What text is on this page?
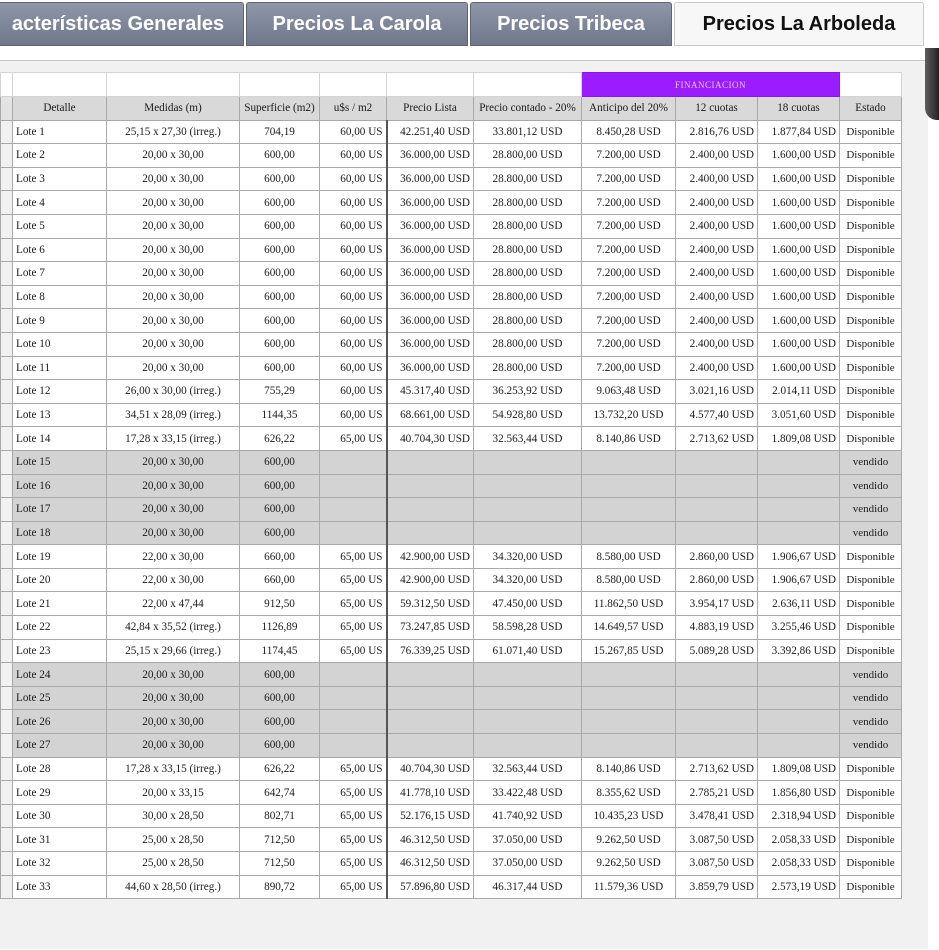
acterísticas Generales Precios La Carola	Precios Tribeca	Precios La Arboleda
							FINANCIACION			
	Detalle	Medidas (m)	Superficie (m2)	u$s / m2	Precio Lista	Precio contado - 20%	Anticipo del 20%	12 cuotas	18 cuotas	Estado
	Lote 1	25,15 x 27,30 (irreg.)	704,19	60,00 US	42.251,40 USD	33.801,12 USD	8.450,28 USD	2.816,76 USD	1.877,84 USD	Disponible
	Lote 2	20,00 x 30,00	600,00	60,00 US	36.000,00 USD	28.800,00 USD	7.200,00 USD	2.400,00 USD	1.600,00 USD	Disponible
	Lote 3	20,00 x 30,00	600,00	60,00 US	36.000,00 USD	28.800,00 USD	7.200,00 USD	2.400,00 USD	1.600,00 USD	Disponible
	Lote 4	20,00 x 30,00	600,00	60,00 US	36.000,00 USD	28.800,00 USD	7.200,00 USD	2.400,00 USD	1.600,00 USD	Disponible
	Lote 5	20,00 x 30,00	600,00	60,00 US	36.000,00 USD	28.800,00 USD	7.200,00 USD	2.400,00 USD	1.600,00 USD	Disponible
	Lote 6	20,00 x 30,00	600,00	60,00 US	36.000,00 USD	28.800,00 USD	7.200,00 USD	2.400,00 USD	1.600,00 USD	Disponible
	Lote 7	20,00 x 30,00	600,00	60,00 US	36.000,00 USD	28.800,00 USD	7.200,00 USD	2.400,00 USD	1.600,00 USD	Disponible
	Lote 8	20,00 x 30,00	600,00	60,00 US	36.000,00 USD	28.800,00 USD	7.200,00 USD	2.400,00 USD	1.600,00 USD	Disponible
	Lote 9	20,00 x 30,00	600,00	60,00 US	36.000,00 USD	28.800,00 USD	7.200,00 USD	2.400,00 USD	1.600,00 USD	Disponible
	Lote 10	20,00 x 30,00	600,00	60,00 US	36.000,00 USD	28.800,00 USD	7.200,00 USD	2.400,00 USD	1.600,00 USD	Disponible
	Lote 11	20,00 x 30,00	600,00	60,00 US	36.000,00 USD	28.800,00 USD	7.200,00 USD	2.400,00 USD	1.600,00 USD	Disponible
	Lote 12	26,00 x 30,00 (irreg.)	755,29	60,00 US	45.317,40 USD	36.253,92 USD	9.063,48 USD	3.021,16 USD	2.014,11 USD	Disponible
	Lote 13	34,51 x 28,09 (irreg.)	1144,35	60,00 US	68.661,00 USD	54.928,80 USD	13.732,20 USD	4.577,40 USD	3.051,60 USD	Disponible
	Lote 14	17,28 x 33,15 (irreg.)	626,22	65,00 US	40.704,30 USD	32.563,44 USD	8.140,86 USD	2.713,62 USD	1.809,08 USD	Disponible
	Lote 15	20,00 x 30,00	600,00							vendido
	Lote 16	20,00 x 30,00	600,00							vendido
	Lote 17	20,00 x 30,00	600,00							vendido
	Lote 18	20,00 x 30,00	600,00							vendido
	Lote 19	22,00 x 30,00	660,00	65,00 US	42.900,00 USD	34.320,00 USD	8.580,00 USD	2.860,00 USD	1.906,67 USD	Disponible
	Lote 20	22,00 x 30,00	660,00	65,00 US	42.900,00 USD	34.320,00 USD	8.580,00 USD	2.860,00 USD	1.906,67 USD	Disponible
	Lote 21	22,00 x 47,44	912,50	65,00 US	59.312,50 USD	47.450,00 USD	11.862,50 USD	3.954,17 USD	2.636,11 USD	Disponible
	Lote 22	42,84 x 35,52 (irreg.)	1126,89	65,00 US	73.247,85 USD	58.598,28 USD	14.649,57 USD	4.883,19 USD	3.255,46 USD	Disponible
	Lote 23	25,15 x 29,66 (irreg.)	1174,45	65,00 US	76.339,25 USD	61.071,40 USD	15.267,85 USD	5.089,28 USD	3.392,86 USD	Disponible
	Lote 24	20,00 x 30,00	600,00							vendido
	Lote 25	20,00 x 30,00	600,00							vendido
	Lote 26	20,00 x 30,00	600,00							vendido
	Lote 27	20,00 x 30,00	600,00							vendido
	Lote 28	17,28 x 33,15 (irreg.)	626,22	65,00 US	40.704,30 USD	32.563,44 USD	8.140,86 USD	2.713,62 USD	1.809,08 USD	Disponible
	Lote 29	20,00 x 33,15	642,74	65,00 US	41.778,10 USD	33.422,48 USD	8.355,62 USD	2.785,21 USD	1.856,80 USD	Disponible
	Lote 30	30,00 x 28,50	802,71	65,00 US	52.176,15 USD	41.740,92 USD	10.435,23 USD	3.478,41 USD	2.318,94 USD	Disponible
	Lote 31	25,00 x 28,50	712,50	65,00 US	46.312,50 USD	37.050,00 USD	9.262,50 USD	3.087,50 USD	2.058,33 USD	Disponible
	Lote 32	25,00 x 28,50	712,50	65,00 US	46.312,50 USD	37.050,00 USD	9.262,50 USD	3.087,50 USD	2.058,33 USD	Disponible
	Lote 33	44,60 x 28,50 (irreg.)	890,72	65,00 US	57.896,80 USD	46.317,44 USD	11.579,36 USD	3.859,79 USD	2.573,19 USD	Disponible
